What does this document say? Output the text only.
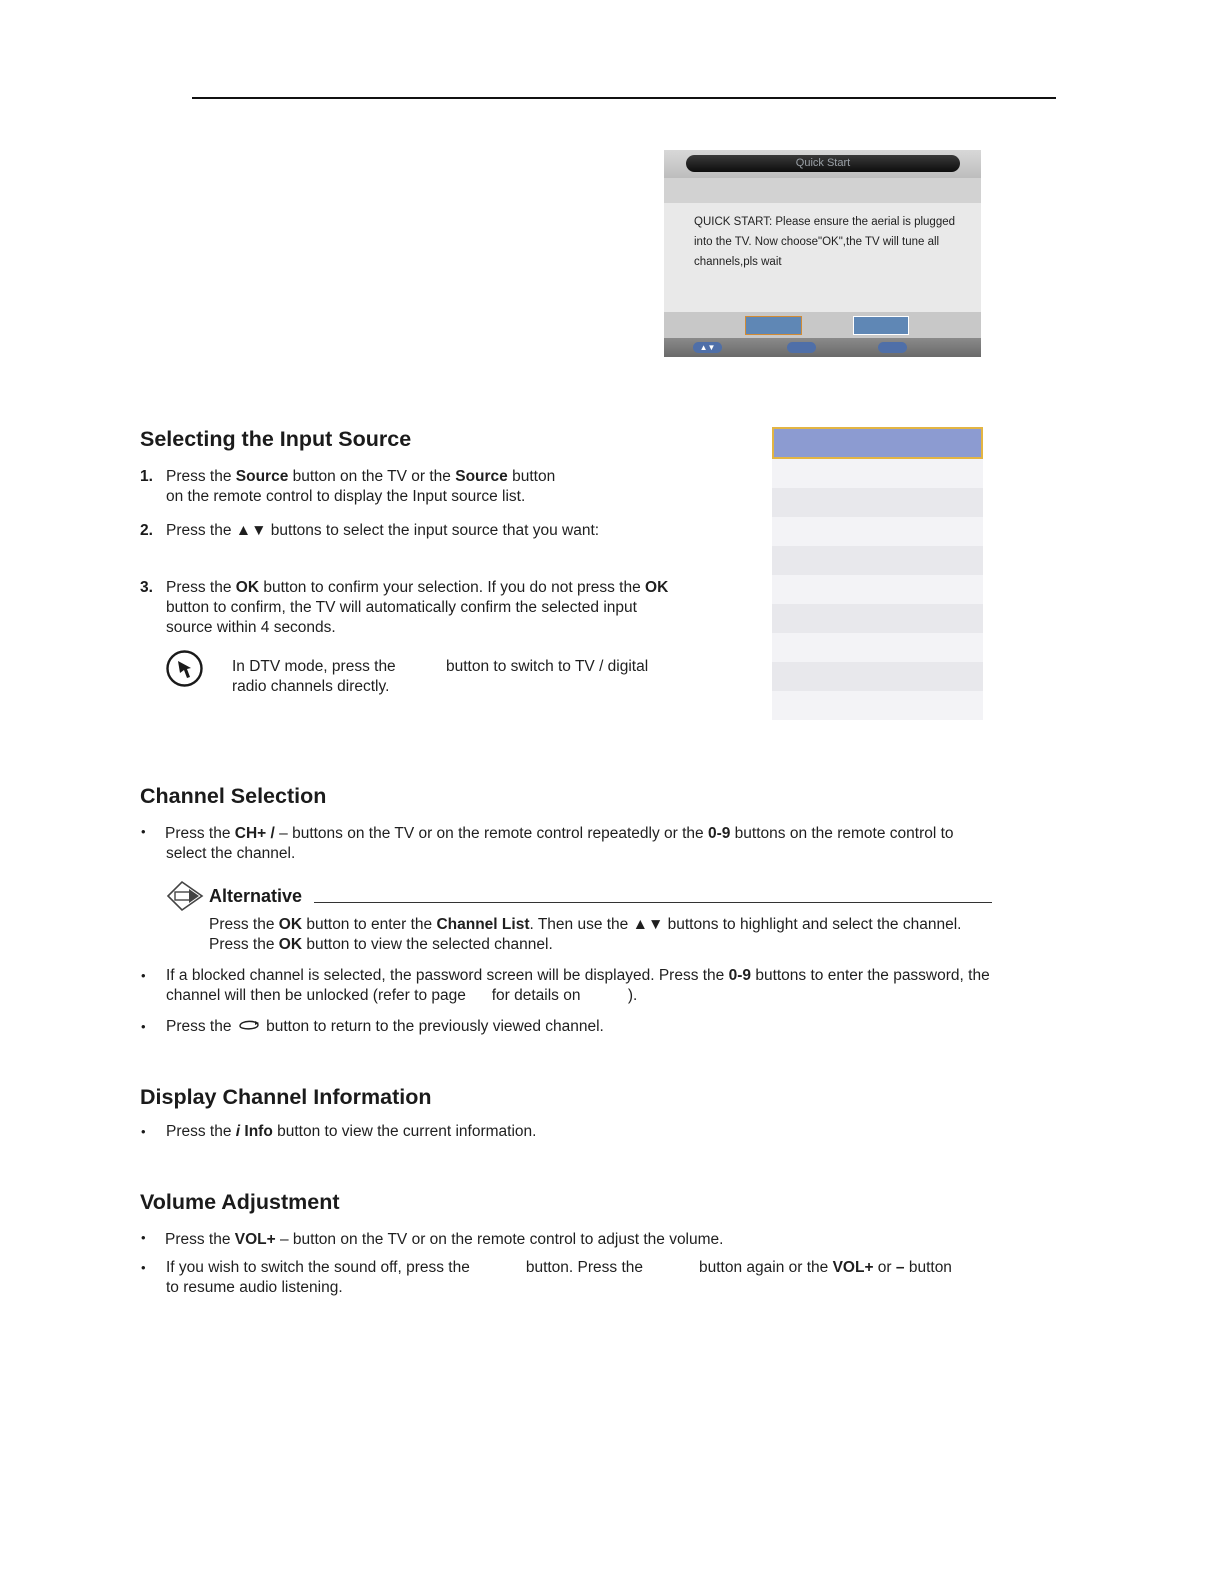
Quick Start
QUICK START: Please ensure the aerial is plugged
into the TV. Now choose"OK",the TV will tune all
channels,pls wait
▲▼
Selecting the Input Source
1. Press the Source button on the TV or the Source button

on the remote control to display the Input source list.

2. Press the ▲▼ buttons to select the input source that you want:

3. Press the OK button to confirm your selection. If you do not press the OK

button to confirm, the TV will automatically confirm the selected input

source within 4 seconds.

In DTV mode, press the	button to switch to TV / digital

radio channels directly.

Channel Selection
• Press the CH+ / – buttons on the TV or on the remote control repeatedly or the 0-9 buttons on the remote control to

select the channel.

Alternative

Press the OK button to enter the Channel List. Then use the ▲▼ buttons to highlight and select the channel.

Press the OK button to view the selected channel.

• If a blocked channel is selected, the password screen will be displayed. Press the 0-9 buttons to enter the password, the

channel will then be unlocked (refer to page      for details on           ).

• Press the  button to return to the previously viewed channel.

Display Channel Information
• Press the i Info button to view the current information.

Volume Adjustment
• Press the VOL+ – button on the TV or on the remote control to adjust the volume.

• If you wish to switch the sound off, press the             button. Press the             button again or the VOL+ or – button

to resume audio listening.
